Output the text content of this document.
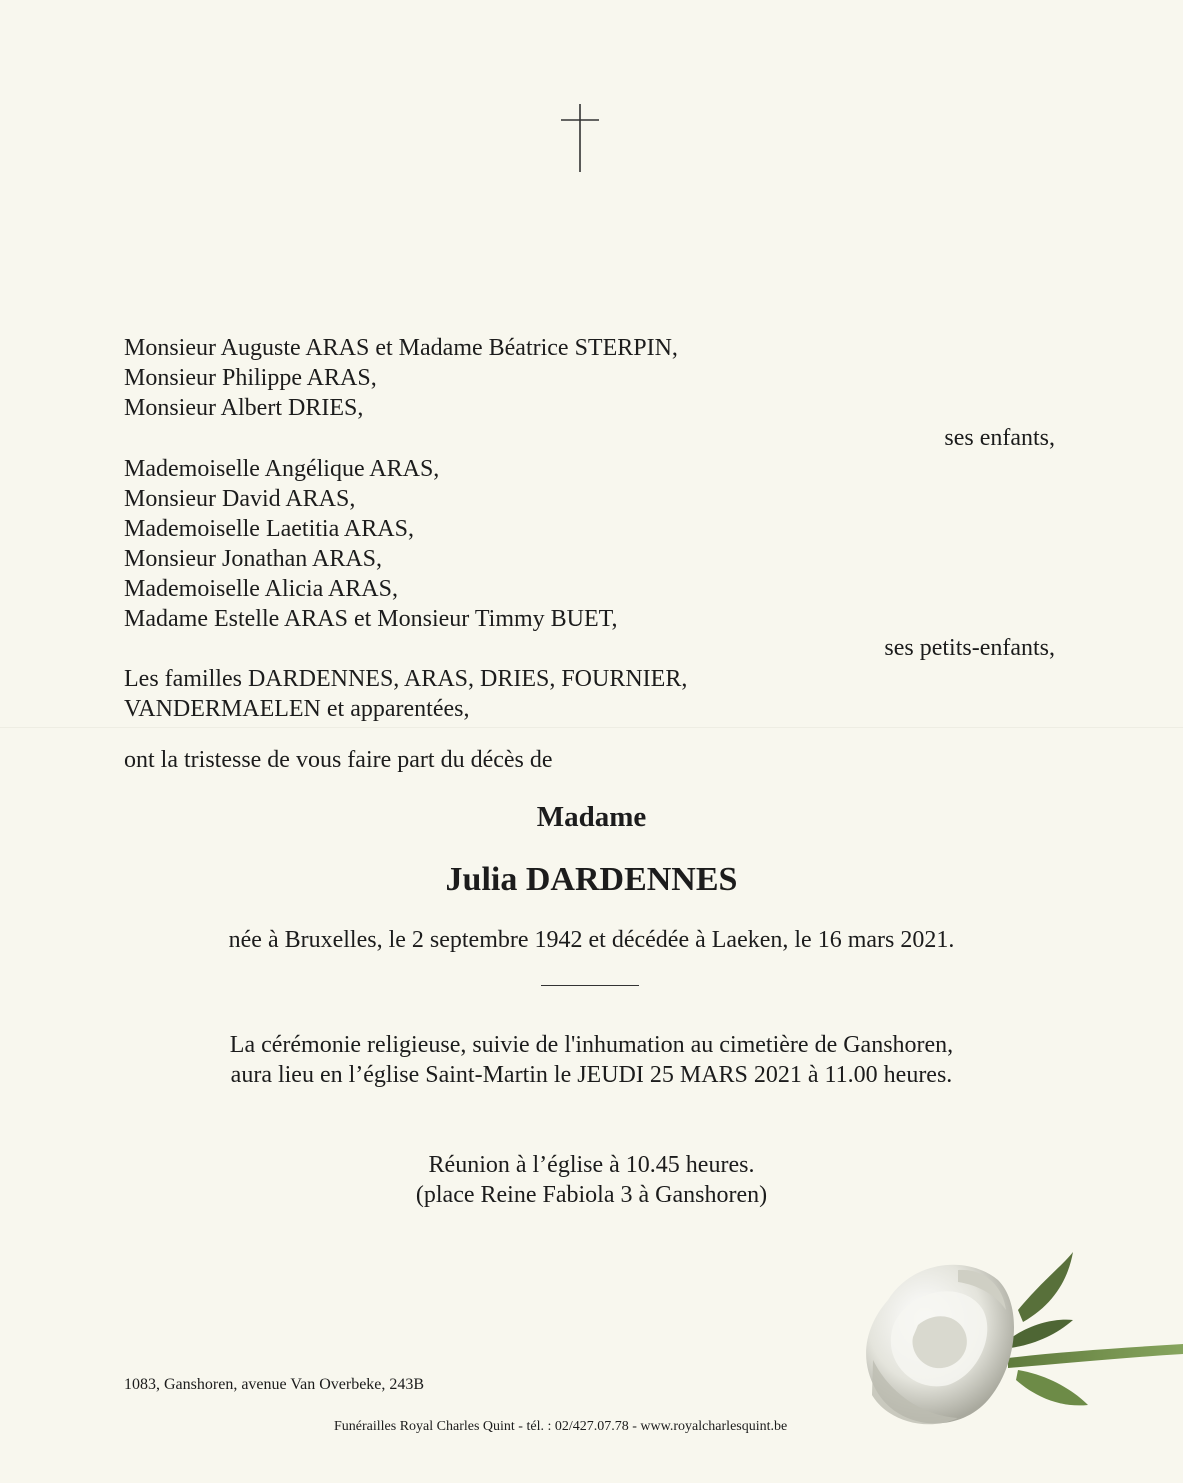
Monsieur Auguste ARAS et Madame Béatrice STERPIN,
Monsieur Philippe ARAS,
Monsieur Albert DRIES,
ses enfants,
Mademoiselle Angélique ARAS,
Monsieur David ARAS,
Mademoiselle Laetitia ARAS,
Monsieur Jonathan ARAS,
Mademoiselle Alicia ARAS,
Madame Estelle ARAS et Monsieur Timmy BUET,
ses petits-enfants,
Les familles DARDENNES, ARAS, DRIES, FOURNIER,
VANDERMAELEN et apparentées,
ont la tristesse de vous faire part du décès de
Madame
Julia DARDENNES
née à Bruxelles, le 2 septembre 1942 et décédée à Laeken, le 16 mars 2021.
La cérémonie religieuse, suivie de l'inhumation au cimetière de Ganshoren,
aura lieu en l’église Saint-Martin le JEUDI 25 MARS 2021 à 11.00 heures.
Réunion à l’église à 10.45 heures.
(place Reine Fabiola 3 à Ganshoren)
1083, Ganshoren, avenue Van Overbeke, 243B
Funérailles Royal Charles Quint - tél. : 02/427.07.78 - www.royalcharlesquint.be
